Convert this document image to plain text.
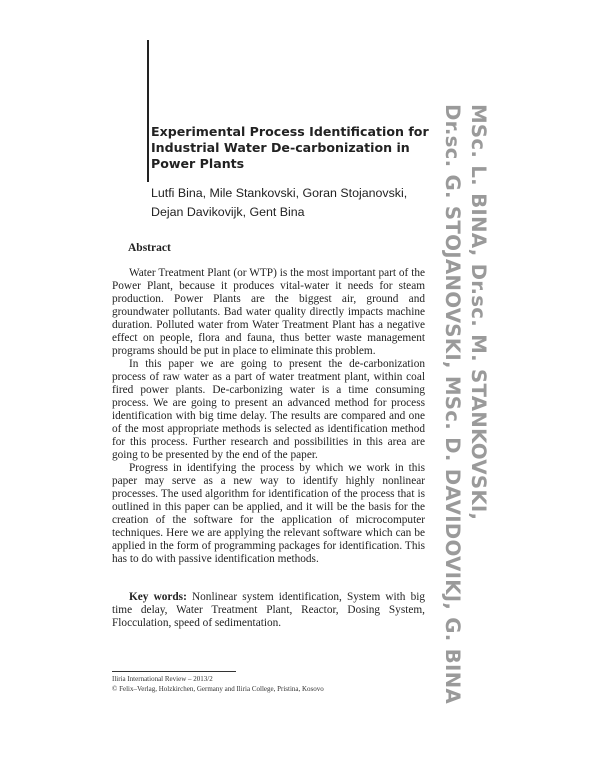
Experimental Process Identification for Industrial Water De-carbonization in Power Plants
Lutfi Bina, Mile Stankovski, Goran Stojanovski,
Dejan Davikovijk, Gent Bina
Abstract

Water Treatment Plant (or WTP) is the most important part of the Power Plant, because it produces vital-water it needs for steam production. Power Plants are the biggest air, ground and groundwater pollutants. Bad water quality directly impacts machine duration. Polluted water from Water Treatment Plant has a negative effect on people, flora and fauna, thus better waste management programs should be put in place to eliminate this problem.

In this paper we are going to present the de-carbonization process of raw water as a part of water treatment plant, within coal fired power plants. De-carbonizing water is a time consuming process. We are going to present an advanced method for process identification with big time delay. The results are compared and one of the most appropriate methods is selected as identification method for this process. Further research and possibilities in this area are going to be presented by the end of the paper.

Progress in identifying the process by which we work in this paper may serve as a new way to identify highly nonlinear processes. The used algorithm for identification of the process that is outlined in this paper can be applied, and it will be the basis for the creation of the software for the application of microcomputer techniques. Here we are applying the relevant software which can be applied in the form of programming packages for identification. This has to do with passive identification methods.

Key words: Nonlinear system identification, System with big time delay, Water Treatment Plant, Reactor, Dosing System, Flocculation, speed of sedimentation.
Iliria International Review – 2013/2
© Felix–Verlag, Holzkirchen, Germany and Iliria College, Pristina, Kosovo
MSc. L. BINA, Dr.sc. M. STANKOVSKI,
Dr.sc. G. STOJANOVSKI, MSc. D. DAVIDOVIKJ, G. BINA
